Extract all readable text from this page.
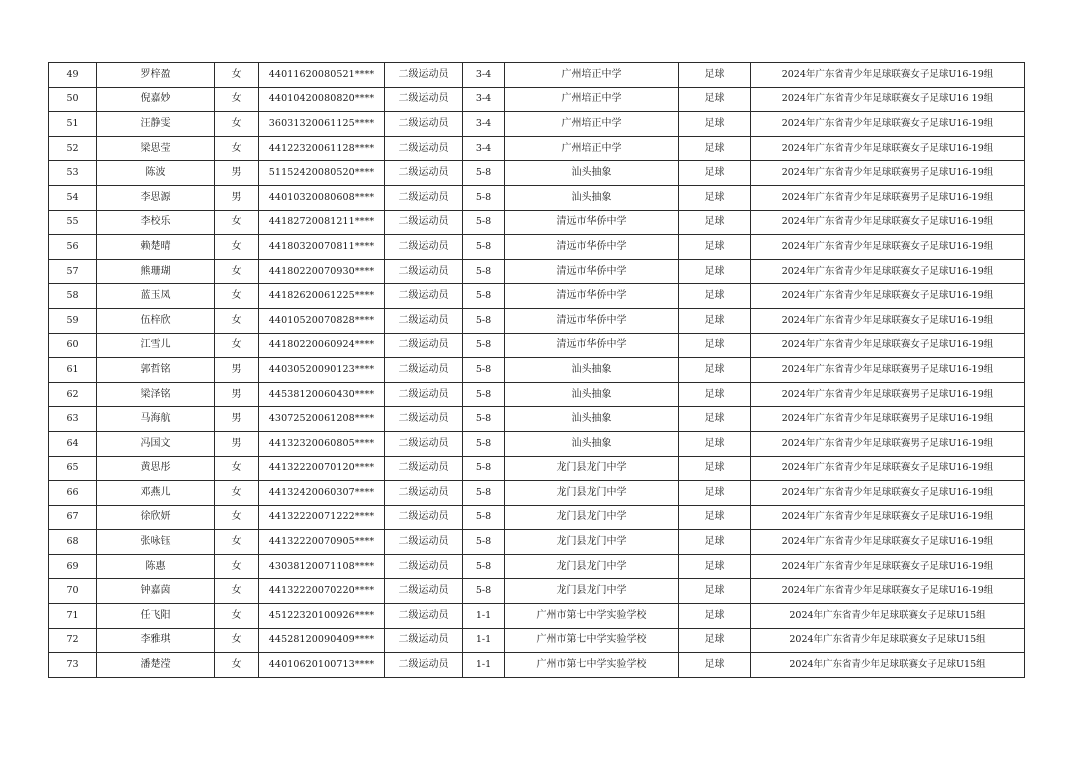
49	罗梓盈	女	44011620080521****	二级运动员	3-4	广州培正中学	足球	2024年广东省青少年足球联赛女子足球U16-19组
50	倪嘉妙	女	44010420080820****	二级运动员	3-4	广州培正中学	足球	2024年广东省青少年足球联赛女子足球U16 19组
51	汪静雯	女	36031320061125****	二级运动员	3-4	广州培正中学	足球	2024年广东省青少年足球联赛女子足球U16-19组
52	梁思莹	女	44122320061128****	二级运动员	3-4	广州培正中学	足球	2024年广东省青少年足球联赛女子足球U16-19组
53	陈波	男	51152420080520****	二级运动员	5-8	汕头抽象	足球	2024年广东省青少年足球联赛男子足球U16-19组
54	李思源	男	44010320080608****	二级运动员	5-8	汕头抽象	足球	2024年广东省青少年足球联赛男子足球U16-19组
55	李校乐	女	44182720081211****	二级运动员	5-8	清远市华侨中学	足球	2024年广东省青少年足球联赛女子足球U16-19组
56	赖楚晴	女	44180320070811****	二级运动员	5-8	清远市华侨中学	足球	2024年广东省青少年足球联赛女子足球U16-19组
57	熊珊瑚	女	44180220070930****	二级运动员	5-8	清远市华侨中学	足球	2024年广东省青少年足球联赛女子足球U16-19组
58	蓝玉凤	女	44182620061225****	二级运动员	5-8	清远市华侨中学	足球	2024年广东省青少年足球联赛女子足球U16-19组
59	伍梓欣	女	44010520070828****	二级运动员	5-8	清远市华侨中学	足球	2024年广东省青少年足球联赛女子足球U16-19组
60	江雪儿	女	44180220060924****	二级运动员	5-8	清远市华侨中学	足球	2024年广东省青少年足球联赛女子足球U16-19组
61	郭哲铭	男	44030520090123****	二级运动员	5-8	汕头抽象	足球	2024年广东省青少年足球联赛男子足球U16-19组
62	梁泽铭	男	44538120060430****	二级运动员	5-8	汕头抽象	足球	2024年广东省青少年足球联赛男子足球U16-19组
63	马海航	男	43072520061208****	二级运动员	5-8	汕头抽象	足球	2024年广东省青少年足球联赛男子足球U16-19组
64	冯国文	男	44132320060805****	二级运动员	5-8	汕头抽象	足球	2024年广东省青少年足球联赛男子足球U16-19组
65	黄思彤	女	44132220070120****	二级运动员	5-8	龙门县龙门中学	足球	2024年广东省青少年足球联赛女子足球U16-19组
66	邓燕儿	女	44132420060307****	二级运动员	5-8	龙门县龙门中学	足球	2024年广东省青少年足球联赛女子足球U16-19组
67	徐欣妍	女	44132220071222****	二级运动员	5-8	龙门县龙门中学	足球	2024年广东省青少年足球联赛女子足球U16-19组
68	张咏钰	女	44132220070905****	二级运动员	5-8	龙门县龙门中学	足球	2024年广东省青少年足球联赛女子足球U16-19组
69	陈惠	女	43038120071108****	二级运动员	5-8	龙门县龙门中学	足球	2024年广东省青少年足球联赛女子足球U16-19组
70	钟嘉茵	女	44132220070220****	二级运动员	5-8	龙门县龙门中学	足球	2024年广东省青少年足球联赛女子足球U16-19组
71	任飞阳	女	45122320100926****	二级运动员	1-1	广州市第七中学实验学校	足球	2024年广东省青少年足球联赛女子足球U15组
72	李雅琪	女	44528120090409****	二级运动员	1-1	广州市第七中学实验学校	足球	2024年广东省青少年足球联赛女子足球U15组
73	潘楚滢	女	44010620100713****	二级运动员	1-1	广州市第七中学实验学校	足球	2024年广东省青少年足球联赛女子足球U15组
